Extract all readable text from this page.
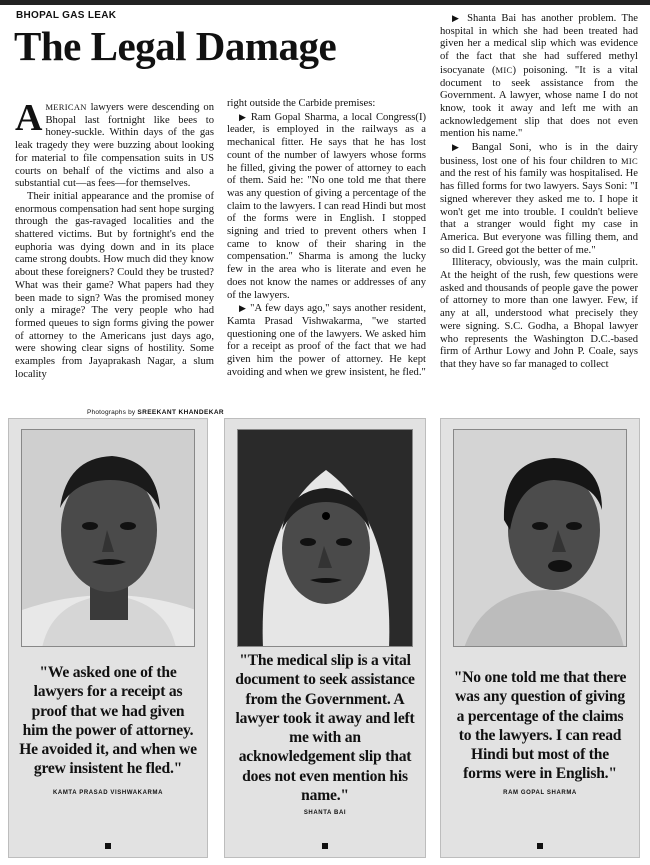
BHOPAL GAS LEAK
The Legal Damage

AMERICAN lawyers were descending on Bhopal last fortnight like bees to honey-suckle. Within days of the gas leak tragedy they were buzzing about looking for material to file compensation suits in US courts on behalf of the victims and also a substantial cut—as fees—for themselves.

Their initial appearance and the promise of enormous compensation had sent hope surging through the gas-ravaged localities and the shattered victims. But by fortnight's end the euphoria was dying down and in its place came strong doubts. How much did they know about these foreigners? Could they be trusted? What was their game? What papers had they been made to sign? Was the promised money only a mirage? The very people who had formed queues to sign forms giving the power of attorney to the Americans just days ago, were showing clear signs of hostility. Some examples from Jayaprakash Nagar, a slum locality

right outside the Carbide premises:

▶ Ram Gopal Sharma, a local Congress(I) leader, is employed in the railways as a mechanical fitter. He says that he has lost count of the number of lawyers whose forms he filled, giving the power of attorney to each of them. Said he: "No one told me that there was any question of giving a percentage of the claim to the lawyers. I can read Hindi but most of the forms were in English. I stopped signing and tried to prevent others when I came to know of their sharing in the compensation." Sharma is among the lucky few in the area who is literate and even he does not know the names or addresses of any of the lawyers.

▶ "A few days ago," says another resident, Kamta Prasad Vishwakarma, "we started questioning one of the lawyers. We asked him for a receipt as proof of the fact that we had given him the power of attorney. He kept avoiding and when we grew insistent, he fled."

▶ Shanta Bai has another problem. The hospital in which she had been treated had given her a medical slip which was evidence of the fact that she had suffered methyl isocyanate (MIC) poisoning. "It is a vital document to seek assistance from the Government. A lawyer, whose name I do not know, took it away and left me with an acknowledgement slip that does not even mention his name."

▶ Bangal Soni, who is in the dairy business, lost one of his four children to MIC and the rest of his family was hospitalised. He has filled forms for two lawyers. Says Soni: "I signed wherever they asked me to. I hope it won't get me into trouble. I couldn't believe that a stranger would fight my case in America. But everyone was filling them, and so did I. Greed got the better of me."

Illiteracy, obviously, was the main culprit. At the height of the rush, few questions were asked and thousands of people gave the power of attorney to more than one lawyer. Few, if any at all, understood what precisely they were signing. S.C. Godha, a Bhopal lawyer who represents the Washington D.C.-based firm of Arthur Lowy and John P. Coale, says that they have so far managed to collect

Photographs by SREEKANT KHANDEKAR
"We asked one of the lawyers for a receipt as proof that we had given him the power of attorney. He avoided it, and when we grew insistent he fled."
KAMTA PRASAD VISHWAKARMA
"The medical slip is a vital document to seek assistance from the Government. A lawyer took it away and left me with an acknowledgement slip that does not even mention his name."
SHANTA BAI
"No one told me that there was any question of giving a percentage of the claims to the lawyers. I can read Hindi but most of the forms were in English."
RAM GOPAL SHARMA
